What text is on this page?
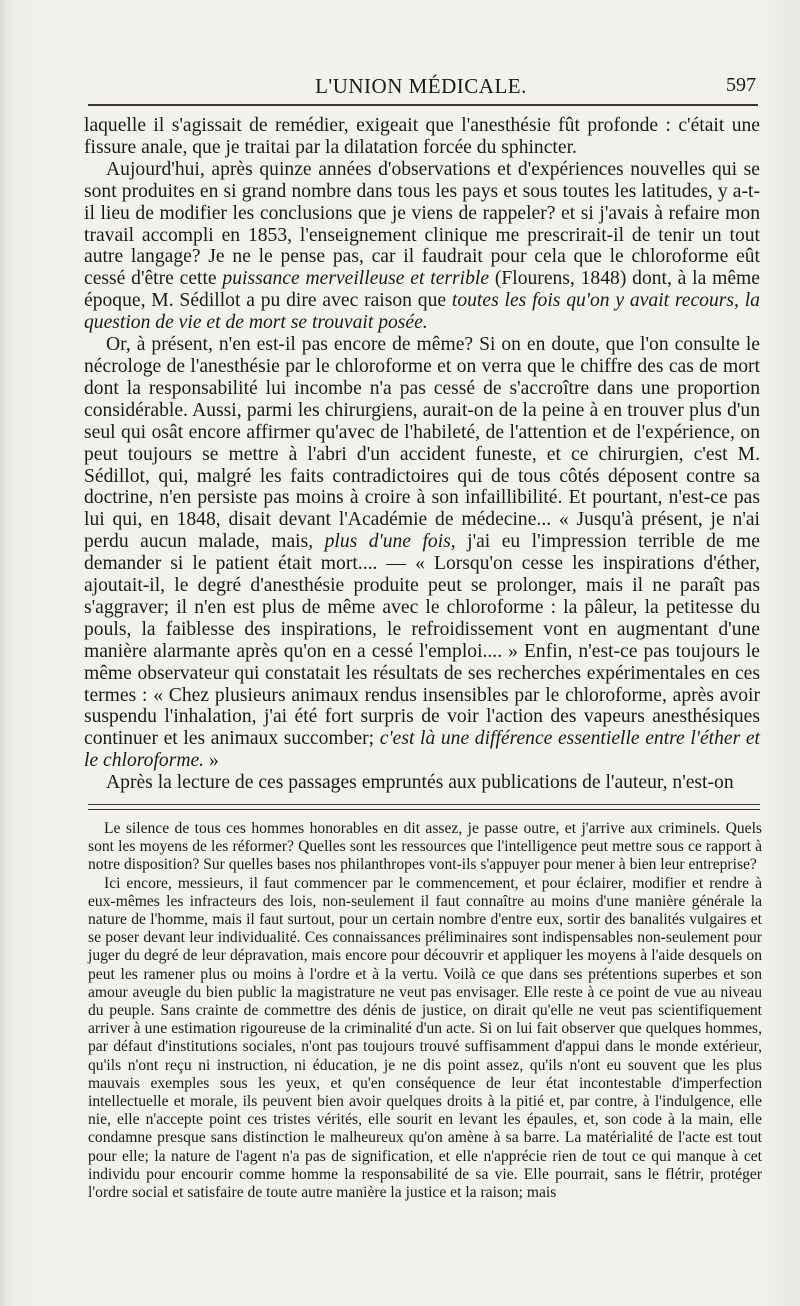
L'UNION MÉDICALE.	597

laquelle il s'agissait de remédier, exigeait que l'anesthésie fût profonde : c'était une fissure anale, que je traitai par la dilatation forcée du sphincter.

Aujourd'hui, après quinze années d'observations et d'expériences nouvelles qui se sont produites en si grand nombre dans tous les pays et sous toutes les latitudes, y a-t-il lieu de modifier les conclusions que je viens de rappeler? et si j'avais à refaire mon travail accompli en 1853, l'enseignement clinique me prescrirait-il de tenir un tout autre langage? Je ne le pense pas, car il faudrait pour cela que le chloroforme eût cessé d'être cette puissance merveilleuse et terrible (Flourens, 1848) dont, à la même époque, M. Sédillot a pu dire avec raison que toutes les fois qu'on y avait recours, la question de vie et de mort se trouvait posée.

Or, à présent, n'en est-il pas encore de même? Si on en doute, que l'on consulte le nécrologe de l'anesthésie par le chloroforme et on verra que le chiffre des cas de mort dont la responsabilité lui incombe n'a pas cessé de s'accroître dans une proportion considérable. Aussi, parmi les chirurgiens, aurait-on de la peine à en trouver plus d'un seul qui osât encore affirmer qu'avec de l'habileté, de l'attention et de l'expérience, on peut toujours se mettre à l'abri d'un accident funeste, et ce chirurgien, c'est M. Sédillot, qui, malgré les faits contradictoires qui de tous côtés déposent contre sa doctrine, n'en persiste pas moins à croire à son infaillibilité. Et pourtant, n'est-ce pas lui qui, en 1848, disait devant l'Académie de médecine... « Jusqu'à présent, je n'ai perdu aucun malade, mais, plus d'une fois, j'ai eu l'impression terrible de me demander si le patient était mort.... — « Lorsqu'on cesse les inspirations d'éther, ajoutait-il, le degré d'anesthésie produite peut se prolonger, mais il ne paraît pas s'aggraver; il n'en est plus de même avec le chloroforme : la pâleur, la petitesse du pouls, la faiblesse des inspirations, le refroidissement vont en augmentant d'une manière alarmante après qu'on en a cessé l'emploi.... » Enfin, n'est-ce pas toujours le même observateur qui constatait les résultats de ses recherches expérimentales en ces termes : « Chez plusieurs animaux rendus insensibles par le chloroforme, après avoir suspendu l'inhalation, j'ai été fort surpris de voir l'action des vapeurs anesthésiques continuer et les animaux succomber; c'est là une différence essentielle entre l'éther et le chloroforme. »

Après la lecture de ces passages empruntés aux publications de l'auteur, n'est-on

Le silence de tous ces hommes honorables en dit assez, je passe outre, et j'arrive aux criminels. Quels sont les moyens de les réformer? Quelles sont les ressources que l'intelligence peut mettre sous ce rapport à notre disposition? Sur quelles bases nos philanthropes vont-ils s'appuyer pour mener à bien leur entreprise?

Ici encore, messieurs, il faut commencer par le commencement, et pour éclairer, modifier et rendre à eux-mêmes les infracteurs des lois, non-seulement il faut connaître au moins d'une manière générale la nature de l'homme, mais il faut surtout, pour un certain nombre d'entre eux, sortir des banalités vulgaires et se poser devant leur individualité. Ces connaissances préliminaires sont indispensables non-seulement pour juger du degré de leur dépravation, mais encore pour découvrir et appliquer les moyens à l'aide desquels on peut les ramener plus ou moins à l'ordre et à la vertu. Voilà ce que dans ses prétentions superbes et son amour aveugle du bien public la magistrature ne veut pas envisager. Elle reste à ce point de vue au niveau du peuple. Sans crainte de commettre des dénis de justice, on dirait qu'elle ne veut pas scientifiquement arriver à une estimation rigoureuse de la criminalité d'un acte. Si on lui fait observer que quelques hommes, par défaut d'institutions sociales, n'ont pas toujours trouvé suffisamment d'appui dans le monde extérieur, qu'ils n'ont reçu ni instruction, ni éducation, je ne dis point assez, qu'ils n'ont eu souvent que les plus mauvais exemples sous les yeux, et qu'en conséquence de leur état incontestable d'imperfection intellectuelle et morale, ils peuvent bien avoir quelques droits à la pitié et, par contre, à l'indulgence, elle nie, elle n'accepte point ces tristes vérités, elle sourit en levant les épaules, et, son code à la main, elle condamne presque sans distinction le malheureux qu'on amène à sa barre. La matérialité de l'acte est tout pour elle; la nature de l'agent n'a pas de signification, et elle n'apprécie rien de tout ce qui manque à cet individu pour encourir comme homme la responsabilité de sa vie. Elle pourrait, sans le flétrir, protéger l'ordre social et satisfaire de toute autre manière la justice et la raison; mais
